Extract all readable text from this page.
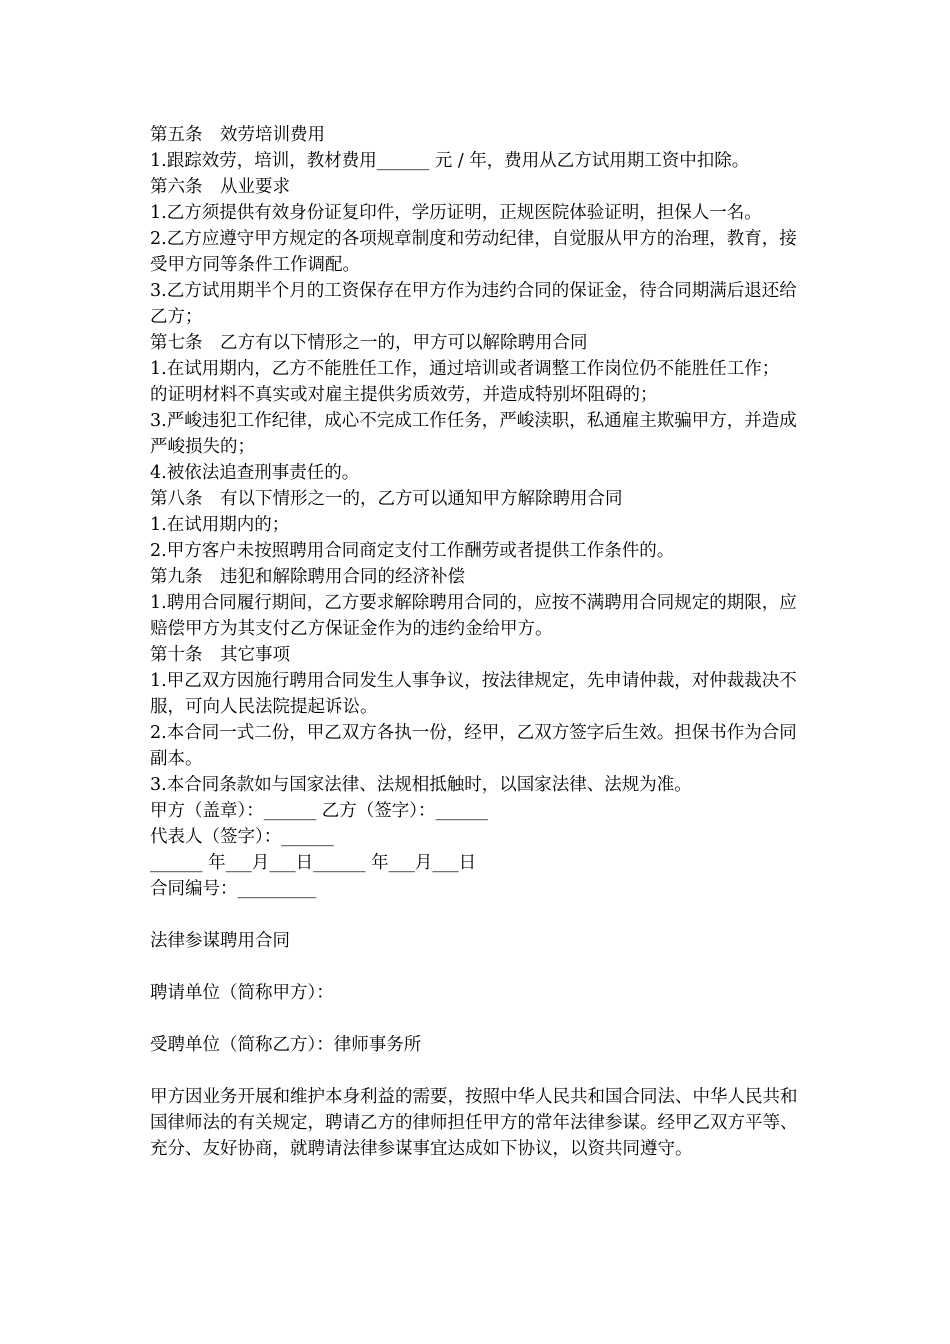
第五条　效劳培训费用
1.跟踪效劳，培训，教材费用______ 元 / 年，费用从乙方试用期工资中扣除。
第六条　从业要求
1.乙方须提供有效身份证复印件，学历证明，正规医院体验证明，担保人一名。
2.乙方应遵守甲方规定的各项规章制度和劳动纪律，自觉服从甲方的治理，教育，接受甲方同等条件工作调配。
3.乙方试用期半个月的工资保存在甲方作为违约合同的保证金，待合同期满后退还给乙方；
第七条　乙方有以下情形之一的，甲方可以解除聘用合同
1.在试用期内，乙方不能胜任工作，通过培训或者调整工作岗位仍不能胜任工作；
的证明材料不真实或对雇主提供劣质效劳，并造成特别坏阻碍的；
3.严峻违犯工作纪律，成心不完成工作任务，严峻渎职，私通雇主欺骗甲方，并造成严峻损失的；
4.被依法追查刑事责任的。
第八条　有以下情形之一的，乙方可以通知甲方解除聘用合同
1.在试用期内的；
2.甲方客户未按照聘用合同商定支付工作酬劳或者提供工作条件的。
第九条　违犯和解除聘用合同的经济补偿
1.聘用合同履行期间，乙方要求解除聘用合同的，应按不满聘用合同规定的期限，应赔偿甲方为其支付乙方保证金作为的违约金给甲方。
第十条　其它事项
1.甲乙双方因施行聘用合同发生人事争议，按法律规定，先申请仲裁，对仲裁裁决不服，可向人民法院提起诉讼。
2.本合同一式二份，甲乙双方各执一份，经甲，乙双方签字后生效。担保书作为合同副本。
3.本合同条款如与国家法律、法规相抵触时，以国家法律、法规为准。
甲方（盖章）：______ 乙方（签字）：______
代表人（签字）：______
______ 年___月___日______ 年___月___日
合同编号：_________
法律参谋聘用合同
聘请单位（简称甲方）：
受聘单位（简称乙方）：律师事务所
甲方因业务开展和维护本身利益的需要，按照中华人民共和国合同法、中华人民共和国律师法的有关规定，聘请乙方的律师担任甲方的常年法律参谋。经甲乙双方平等、充分、友好协商，就聘请法律参谋事宜达成如下协议，以资共同遵守。
